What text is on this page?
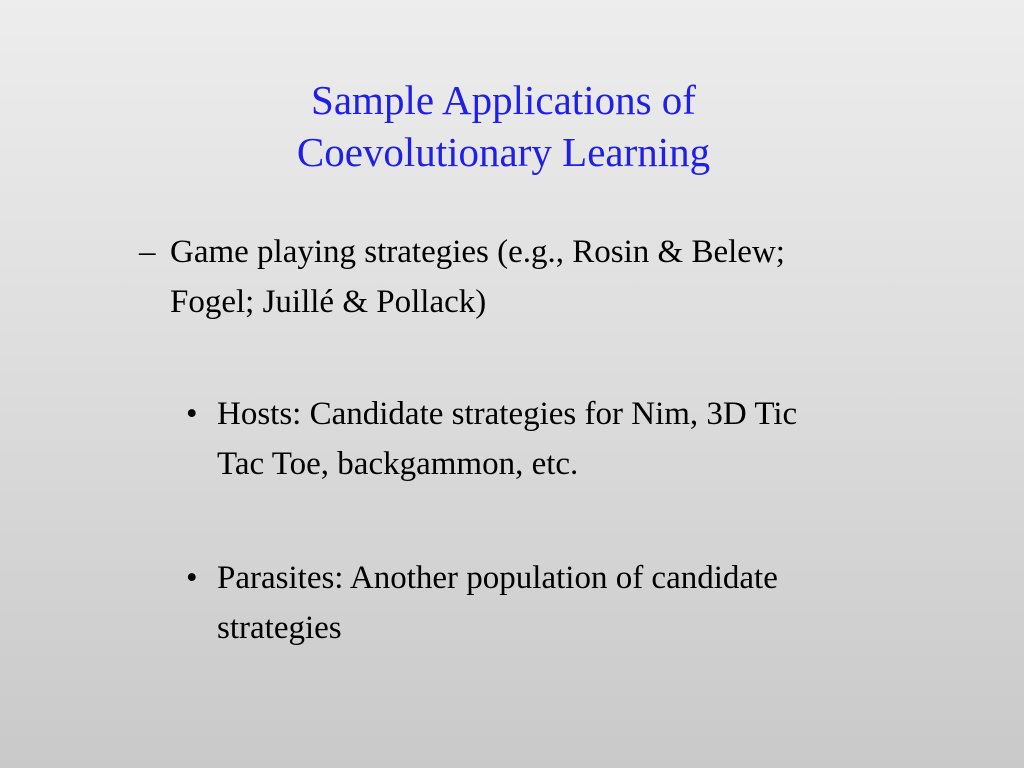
Sample Applications of
Coevolutionary Learning
– Game playing strategies (e.g., Rosin & Belew;
Fogel; Juillé & Pollack)
• Hosts: Candidate strategies for Nim, 3D Tic
Tac Toe, backgammon, etc.
• Parasites: Another population of candidate
strategies
